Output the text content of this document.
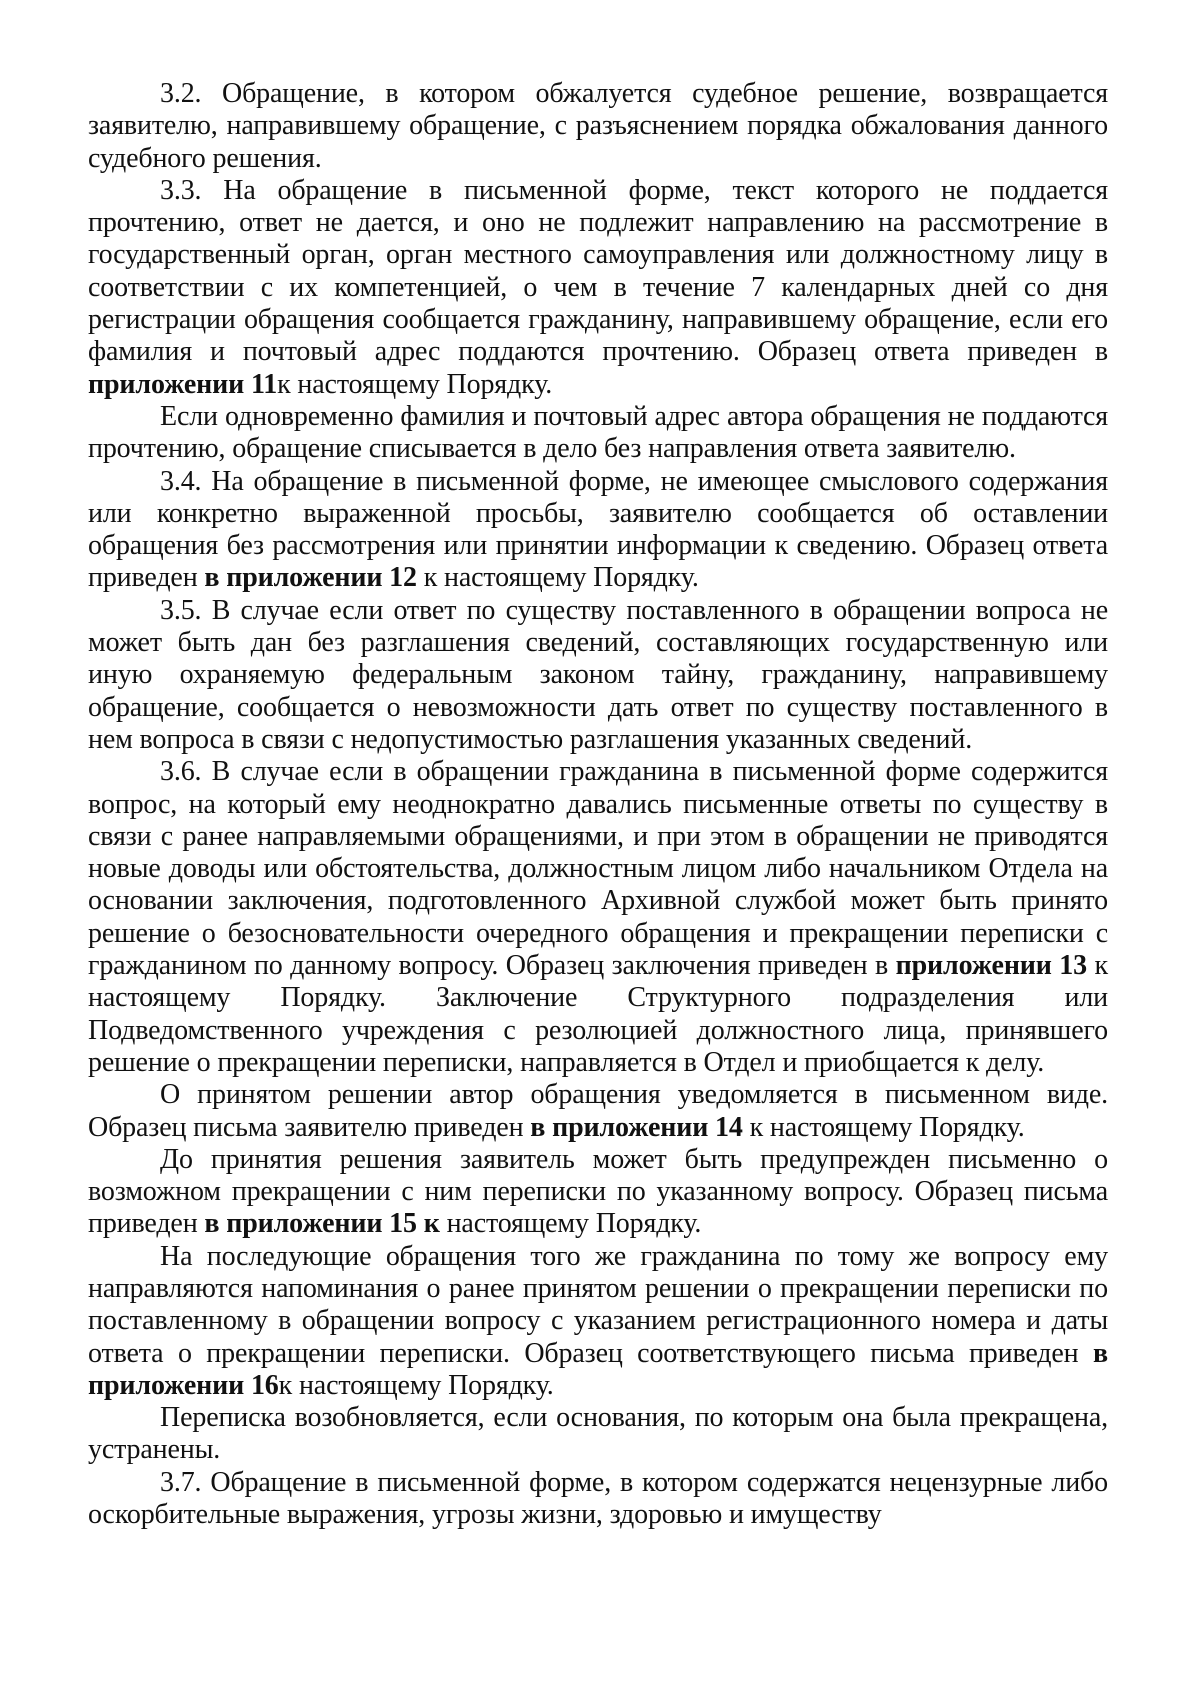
3.2. Обращение, в котором обжалуется судебное решение, возвращается заявителю, направившему обращение, с разъяснением порядка обжалования данного судебного решения.

3.3. На обращение в письменной форме, текст которого не поддается прочтению, ответ не дается, и оно не подлежит направлению на рассмотрение в государственный орган, орган местного самоуправления или должностному лицу в соответствии с их компетенцией, о чем в течение 7 календарных дней со дня регистрации обращения сообщается гражданину, направившему обращение, если его фамилия и почтовый адрес поддаются прочтению. Образец ответа приведен в приложении 11к настоящему Порядку.

Если одновременно фамилия и почтовый адрес автора обращения не поддаются прочтению, обращение списывается в дело без направления ответа заявителю.

3.4. На обращение в письменной форме, не имеющее смыслового содержания или конкретно выраженной просьбы, заявителю сообщается об оставлении обращения без рассмотрения или принятии информации к сведению. Образец ответа приведен в приложении 12 к настоящему Порядку.

3.5. В случае если ответ по существу поставленного в обращении вопроса не может быть дан без разглашения сведений, составляющих государственную или иную охраняемую федеральным законом тайну, гражданину, направившему обращение, сообщается о невозможности дать ответ по существу поставленного в нем вопроса в связи с недопустимостью разглашения указанных сведений.

3.6. В случае если в обращении гражданина в письменной форме содержится вопрос, на который ему неоднократно давались письменные ответы по существу в связи с ранее направляемыми обращениями, и при этом в обращении не приводятся новые доводы или обстоятельства, должностным лицом либо начальником Отдела на основании заключения, подготовленного Архивной службой может быть принято решение о безосновательности очередного обращения и прекращении переписки с гражданином по данному вопросу. Образец заключения приведен в приложении 13 к настоящему Порядку. Заключение Структурного подразделения или Подведомственного учреждения с резолюцией должностного лица, принявшего решение о прекращении переписки, направляется в Отдел и приобщается к делу.

О принятом решении автор обращения уведомляется в письменном виде. Образец письма заявителю приведен в приложении 14 к настоящему Порядку.

До принятия решения заявитель может быть предупрежден письменно о возможном прекращении с ним переписки по указанному вопросу. Образец письма приведен в приложении 15 к настоящему Порядку.

На последующие обращения того же гражданина по тому же вопросу ему направляются напоминания о ранее принятом решении о прекращении переписки по поставленному в обращении вопросу с указанием регистрационного номера и даты ответа о прекращении переписки. Образец соответствующего письма приведен в приложении 16к настоящему Порядку.

Переписка возобновляется, если основания, по которым она была прекращена, устранены.

3.7. Обращение в письменной форме, в котором содержатся нецензурные либо оскорбительные выражения, угрозы жизни, здоровью и имуществу
